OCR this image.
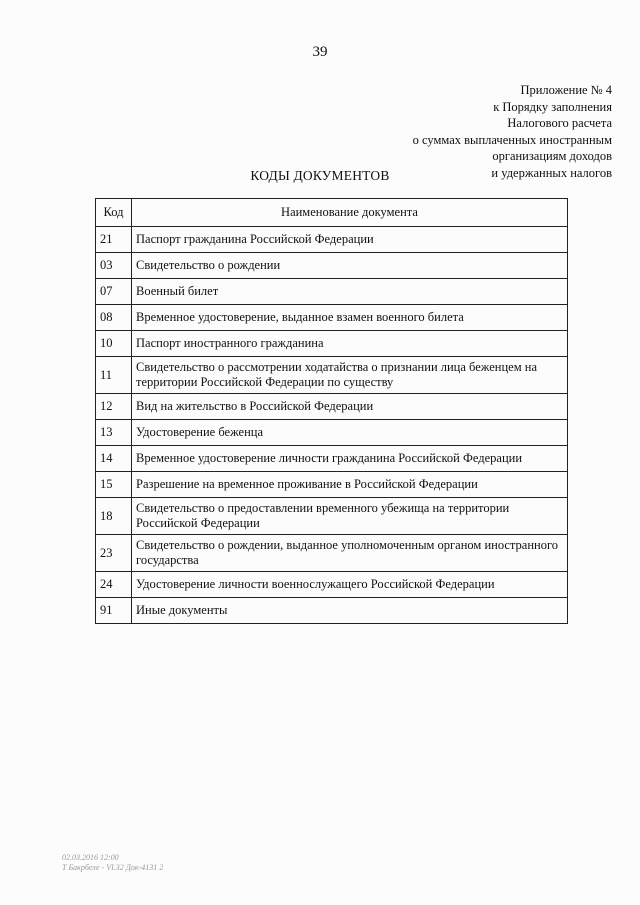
39
Приложение № 4
к Порядку заполнения
Налогового расчета
о суммах выплаченных иностранным
организациям доходов
и удержанных налогов
КОДЫ ДОКУМЕНТОВ
Код	Наименование документа
21	Паспорт гражданина Российской Федерации
03	Свидетельство о рождении
07	Военный билет
08	Временное удостоверение, выданное взамен военного билета
10	Паспорт иностранного гражданина
11	Свидетельство о рассмотрении ходатайства о признании лица беженцем на территории Российской Федерации по существу
12	Вид на жительство в Российской Федерации
13	Удостоверение беженца
14	Временное удостоверение личности гражданина Российской Федерации
15	Разрешение на временное проживание в Российской Федерации
18	Свидетельство о предоставлении временного убежища на территории Российской Федерации
23	Свидетельство о рождении, выданное уполномоченным органом иностранного государства
24	Удостоверение личности военнослужащего Российской Федерации
91	Иные документы
02.03.2016 12:00
Т Бакрбеле - VI.32 Док-4131 2
